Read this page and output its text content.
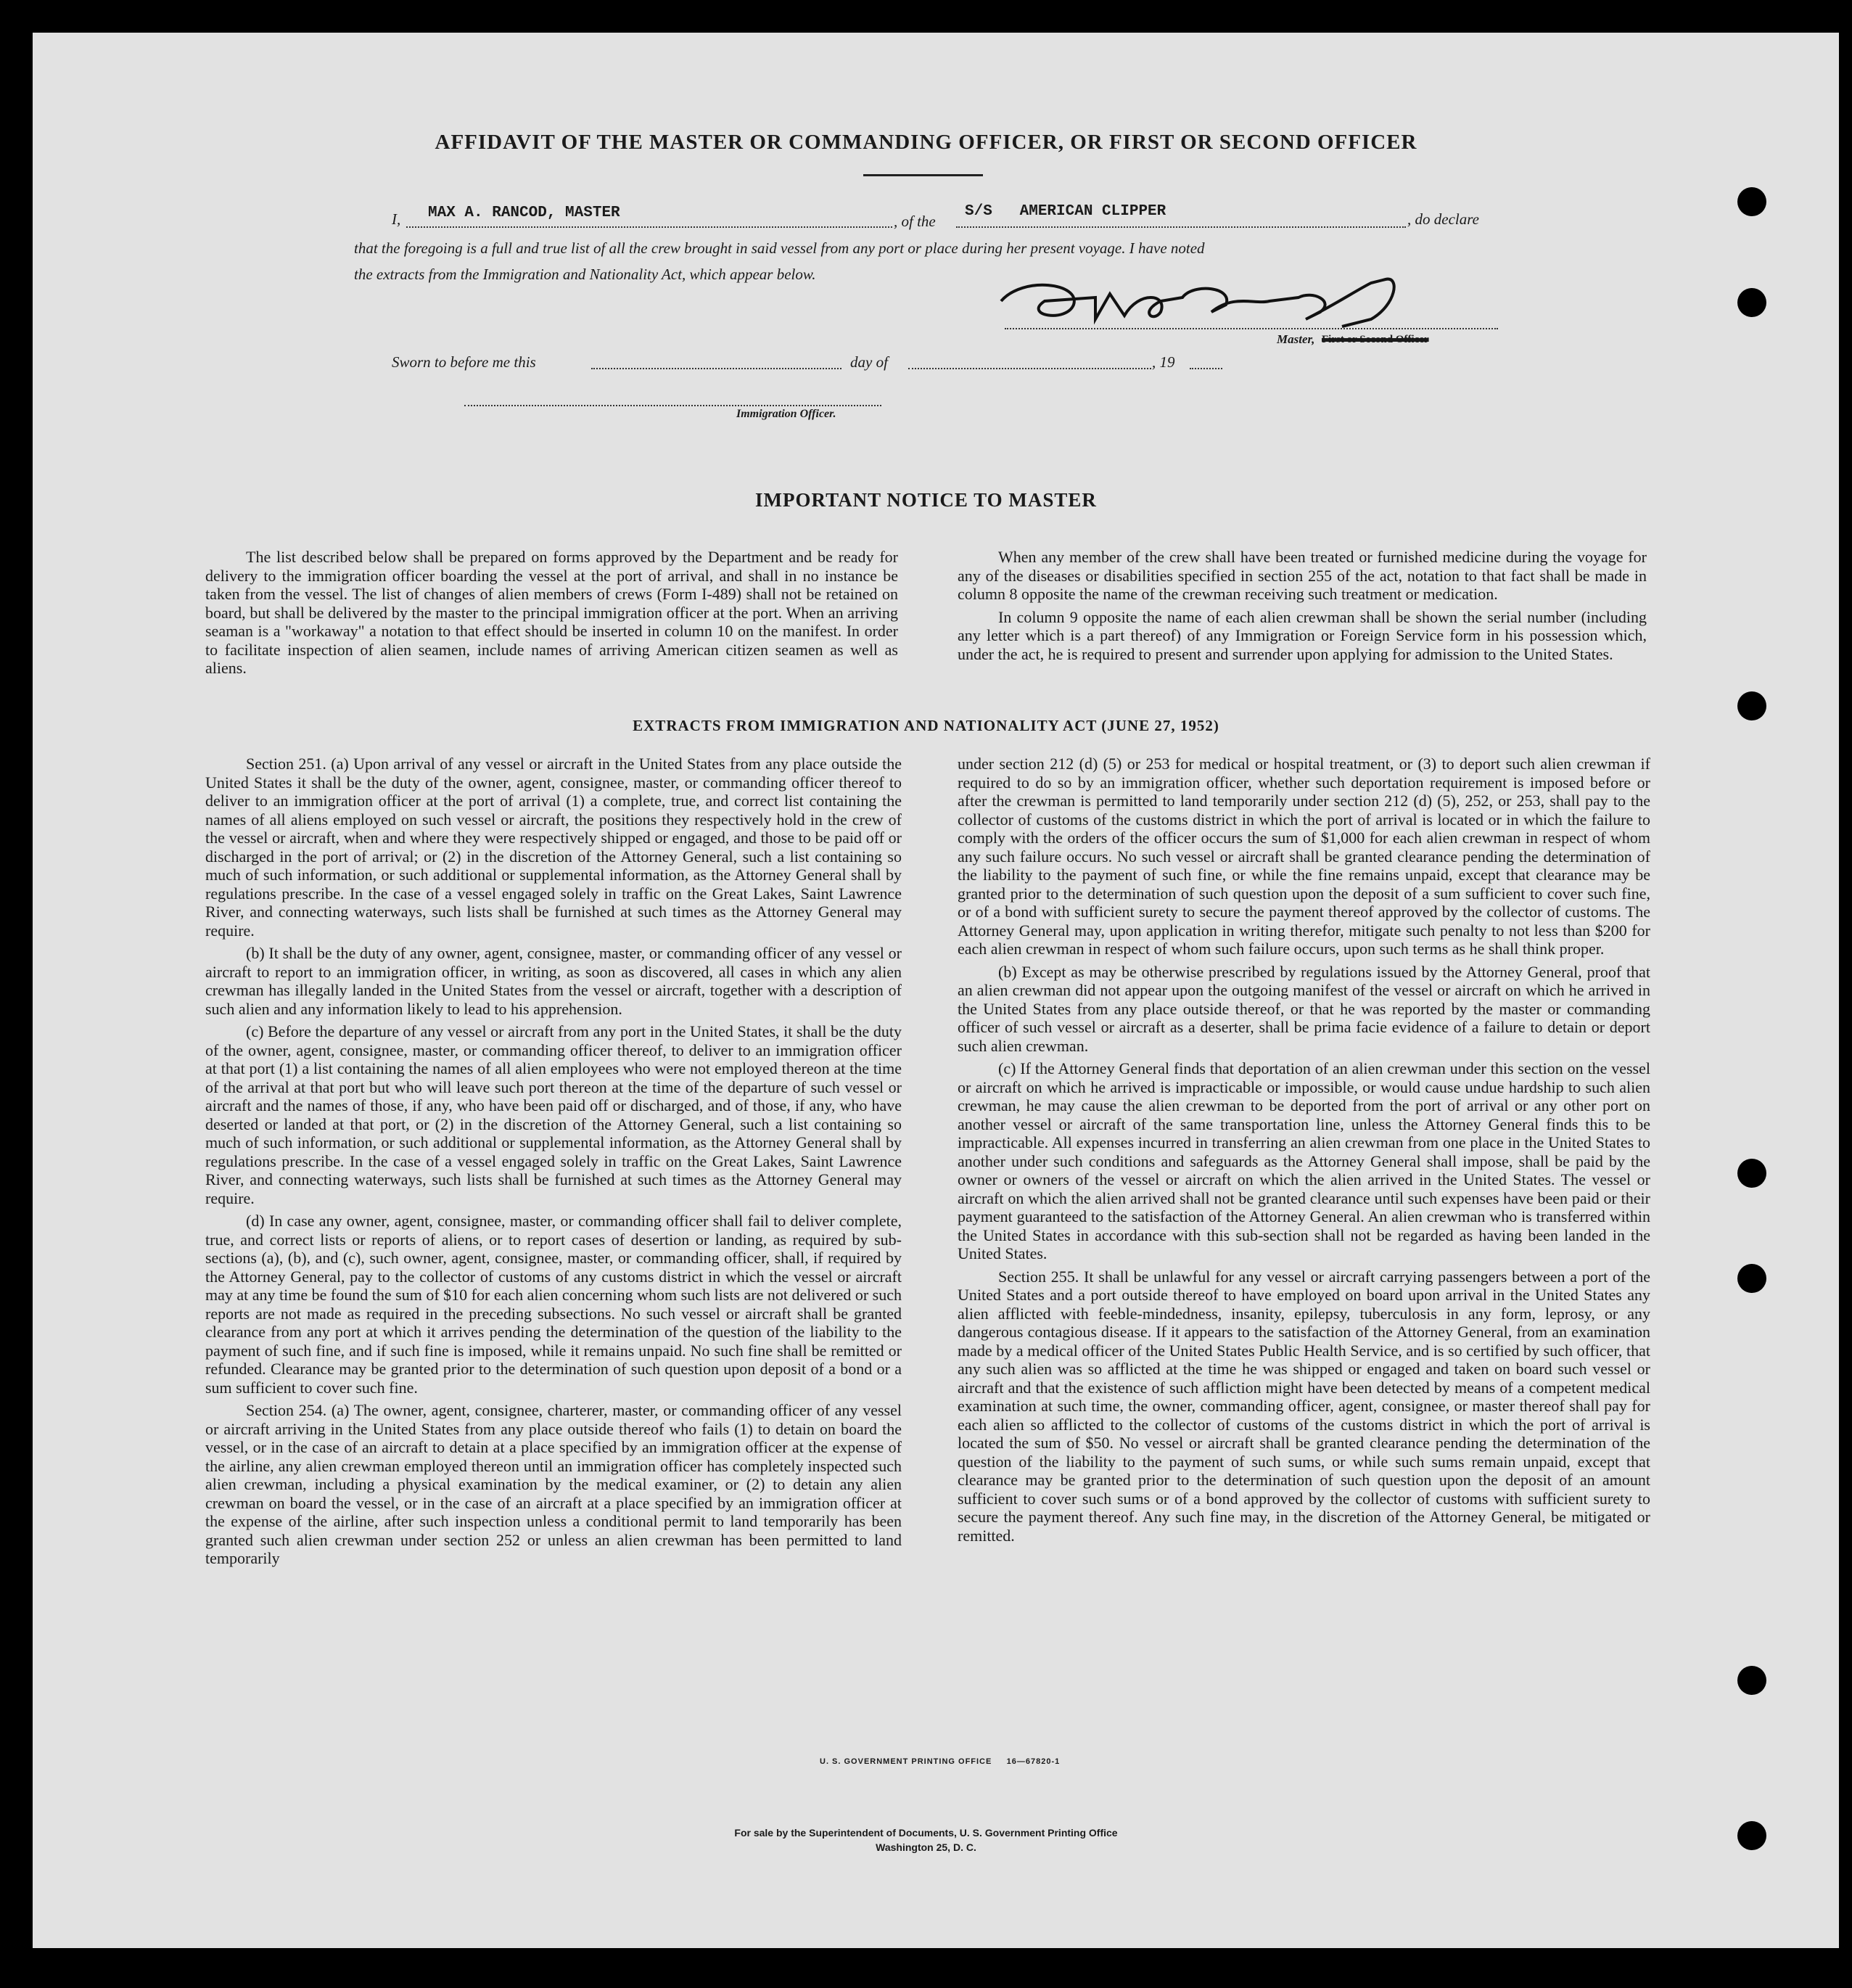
AFFIDAVIT OF THE MASTER OR COMMANDING OFFICER, OR FIRST OR SECOND OFFICER
I, MAX A. RANCOD, MASTER	, of the
S/S   AMERICAN CLIPPER	, do declare
that the foregoing is a full and true list of all the crew brought in said vessel from any port or place during her present voyage. I have noted
the extracts from the Immigration and Nationality Act, which appear below.
Master, First or Second Officer
Sworn to before me this	day of	, 19
Immigration Officer.
IMPORTANT NOTICE TO MASTER

The list described below shall be prepared on forms approved by the Department and be ready for delivery to the immigration officer boarding the vessel at the port of arrival, and shall in no instance be taken from the vessel. The list of changes of alien members of crews (Form I-489) shall not be retained on board, but shall be delivered by the master to the principal immigration officer at the port. When an arriving seaman is a "workaway" a notation to that effect should be inserted in column 10 on the manifest. In order to facilitate inspection of alien seamen, include names of arriving American citizen seamen as well as aliens.

When any member of the crew shall have been treated or furnished medicine during the voyage for any of the diseases or disabilities specified in section 255 of the act, notation to that fact shall be made in column 8 opposite the name of the crewman receiving such treatment or medication.

In column 9 opposite the name of each alien crewman shall be shown the serial number (including any letter which is a part thereof) of any Immigration or Foreign Service form in his possession which, under the act, he is required to present and surrender upon applying for admission to the United States.

EXTRACTS FROM IMMIGRATION AND NATIONALITY ACT (JUNE 27, 1952)

Section 251. (a) Upon arrival of any vessel or aircraft in the United States from any place outside the United States it shall be the duty of the owner, agent, consignee, master, or commanding officer thereof to deliver to an immigration officer at the port of arrival (1) a complete, true, and correct list containing the names of all aliens employed on such vessel or aircraft, the positions they respectively hold in the crew of the vessel or aircraft, when and where they were respectively shipped or engaged, and those to be paid off or discharged in the port of arrival; or (2) in the discretion of the Attorney General, such a list containing so much of such information, or such additional or supplemental information, as the Attorney General shall by regulations prescribe. In the case of a vessel engaged solely in traffic on the Great Lakes, Saint Lawrence River, and connecting waterways, such lists shall be furnished at such times as the Attorney General may require.

(b) It shall be the duty of any owner, agent, consignee, master, or commanding officer of any vessel or aircraft to report to an immigration officer, in writing, as soon as discovered, all cases in which any alien crewman has illegally landed in the United States from the vessel or aircraft, together with a description of such alien and any information likely to lead to his apprehension.

(c) Before the departure of any vessel or aircraft from any port in the United States, it shall be the duty of the owner, agent, consignee, master, or commanding officer thereof, to deliver to an immigration officer at that port (1) a list containing the names of all alien employees who were not employed thereon at the time of the arrival at that port but who will leave such port thereon at the time of the departure of such vessel or aircraft and the names of those, if any, who have been paid off or discharged, and of those, if any, who have deserted or landed at that port, or (2) in the discretion of the Attorney General, such a list containing so much of such information, or such additional or supplemental information, as the Attorney General shall by regulations prescribe. In the case of a vessel engaged solely in traffic on the Great Lakes, Saint Lawrence River, and connecting waterways, such lists shall be furnished at such times as the Attorney General may require.

(d) In case any owner, agent, consignee, master, or commanding officer shall fail to deliver complete, true, and correct lists or reports of aliens, or to report cases of desertion or landing, as required by sub-sections (a), (b), and (c), such owner, agent, consignee, master, or commanding officer, shall, if required by the Attorney General, pay to the collector of customs of any customs district in which the vessel or aircraft may at any time be found the sum of $10 for each alien concerning whom such lists are not delivered or such reports are not made as required in the preceding subsections. No such vessel or aircraft shall be granted clearance from any port at which it arrives pending the determination of the question of the liability to the payment of such fine, and if such fine is imposed, while it remains unpaid. No such fine shall be remitted or refunded. Clearance may be granted prior to the determination of such question upon deposit of a bond or a sum sufficient to cover such fine.

Section 254. (a) The owner, agent, consignee, charterer, master, or commanding officer of any vessel or aircraft arriving in the United States from any place outside thereof who fails (1) to detain on board the vessel, or in the case of an aircraft to detain at a place specified by an immigration officer at the expense of the airline, any alien crewman employed thereon until an immigration officer has completely inspected such alien crewman, including a physical examination by the medical examiner, or (2) to detain any alien crewman on board the vessel, or in the case of an aircraft at a place specified by an immigration officer at the expense of the airline, after such inspection unless a conditional permit to land temporarily has been granted such alien crewman under section 252 or unless an alien crewman has been permitted to land temporarily

under section 212 (d) (5) or 253 for medical or hospital treatment, or (3) to deport such alien crewman if required to do so by an immigration officer, whether such deportation requirement is imposed before or after the crewman is permitted to land temporarily under section 212 (d) (5), 252, or 253, shall pay to the collector of customs of the customs district in which the port of arrival is located or in which the failure to comply with the orders of the officer occurs the sum of $1,000 for each alien crewman in respect of whom any such failure occurs. No such vessel or aircraft shall be granted clearance pending the determination of the liability to the payment of such fine, or while the fine remains unpaid, except that clearance may be granted prior to the determination of such question upon the deposit of a sum sufficient to cover such fine, or of a bond with sufficient surety to secure the payment thereof approved by the collector of customs. The Attorney General may, upon application in writing therefor, mitigate such penalty to not less than $200 for each alien crewman in respect of whom such failure occurs, upon such terms as he shall think proper.

(b) Except as may be otherwise prescribed by regulations issued by the Attorney General, proof that an alien crewman did not appear upon the outgoing manifest of the vessel or aircraft on which he arrived in the United States from any place outside thereof, or that he was reported by the master or commanding officer of such vessel or aircraft as a deserter, shall be prima facie evidence of a failure to detain or deport such alien crewman.

(c) If the Attorney General finds that deportation of an alien crewman under this section on the vessel or aircraft on which he arrived is impracticable or impossible, or would cause undue hardship to such alien crewman, he may cause the alien crewman to be deported from the port of arrival or any other port on another vessel or aircraft of the same transportation line, unless the Attorney General finds this to be impracticable. All expenses incurred in transferring an alien crewman from one place in the United States to another under such conditions and safeguards as the Attorney General shall impose, shall be paid by the owner or owners of the vessel or aircraft on which the alien arrived in the United States. The vessel or aircraft on which the alien arrived shall not be granted clearance until such expenses have been paid or their payment guaranteed to the satisfaction of the Attorney General. An alien crewman who is transferred within the United States in accordance with this sub-section shall not be regarded as having been landed in the United States.

Section 255. It shall be unlawful for any vessel or aircraft carrying passengers between a port of the United States and a port outside thereof to have employed on board upon arrival in the United States any alien afflicted with feeble-mindedness, insanity, epilepsy, tuberculosis in any form, leprosy, or any dangerous contagious disease. If it appears to the satisfaction of the Attorney General, from an examination made by a medical officer of the United States Public Health Service, and is so certified by such officer, that any such alien was so afflicted at the time he was shipped or engaged and taken on board such vessel or aircraft and that the existence of such affliction might have been detected by means of a competent medical examination at such time, the owner, commanding officer, agent, consignee, or master thereof shall pay for each alien so afflicted to the collector of customs of the customs district in which the port of arrival is located the sum of $50. No vessel or aircraft shall be granted clearance pending the determination of the question of the liability to the payment of such sums, or while such sums remain unpaid, except that clearance may be granted prior to the determination of such question upon the deposit of an amount sufficient to cover such sums or of a bond approved by the collector of customs with sufficient surety to secure the payment thereof. Any such fine may, in the discretion of the Attorney General, be mitigated or remitted.

U. S. GOVERNMENT PRINTING OFFICE     16—67820-1
For sale by the Superintendent of Documents, U. S. Government Printing Office
Washington 25, D. C.
